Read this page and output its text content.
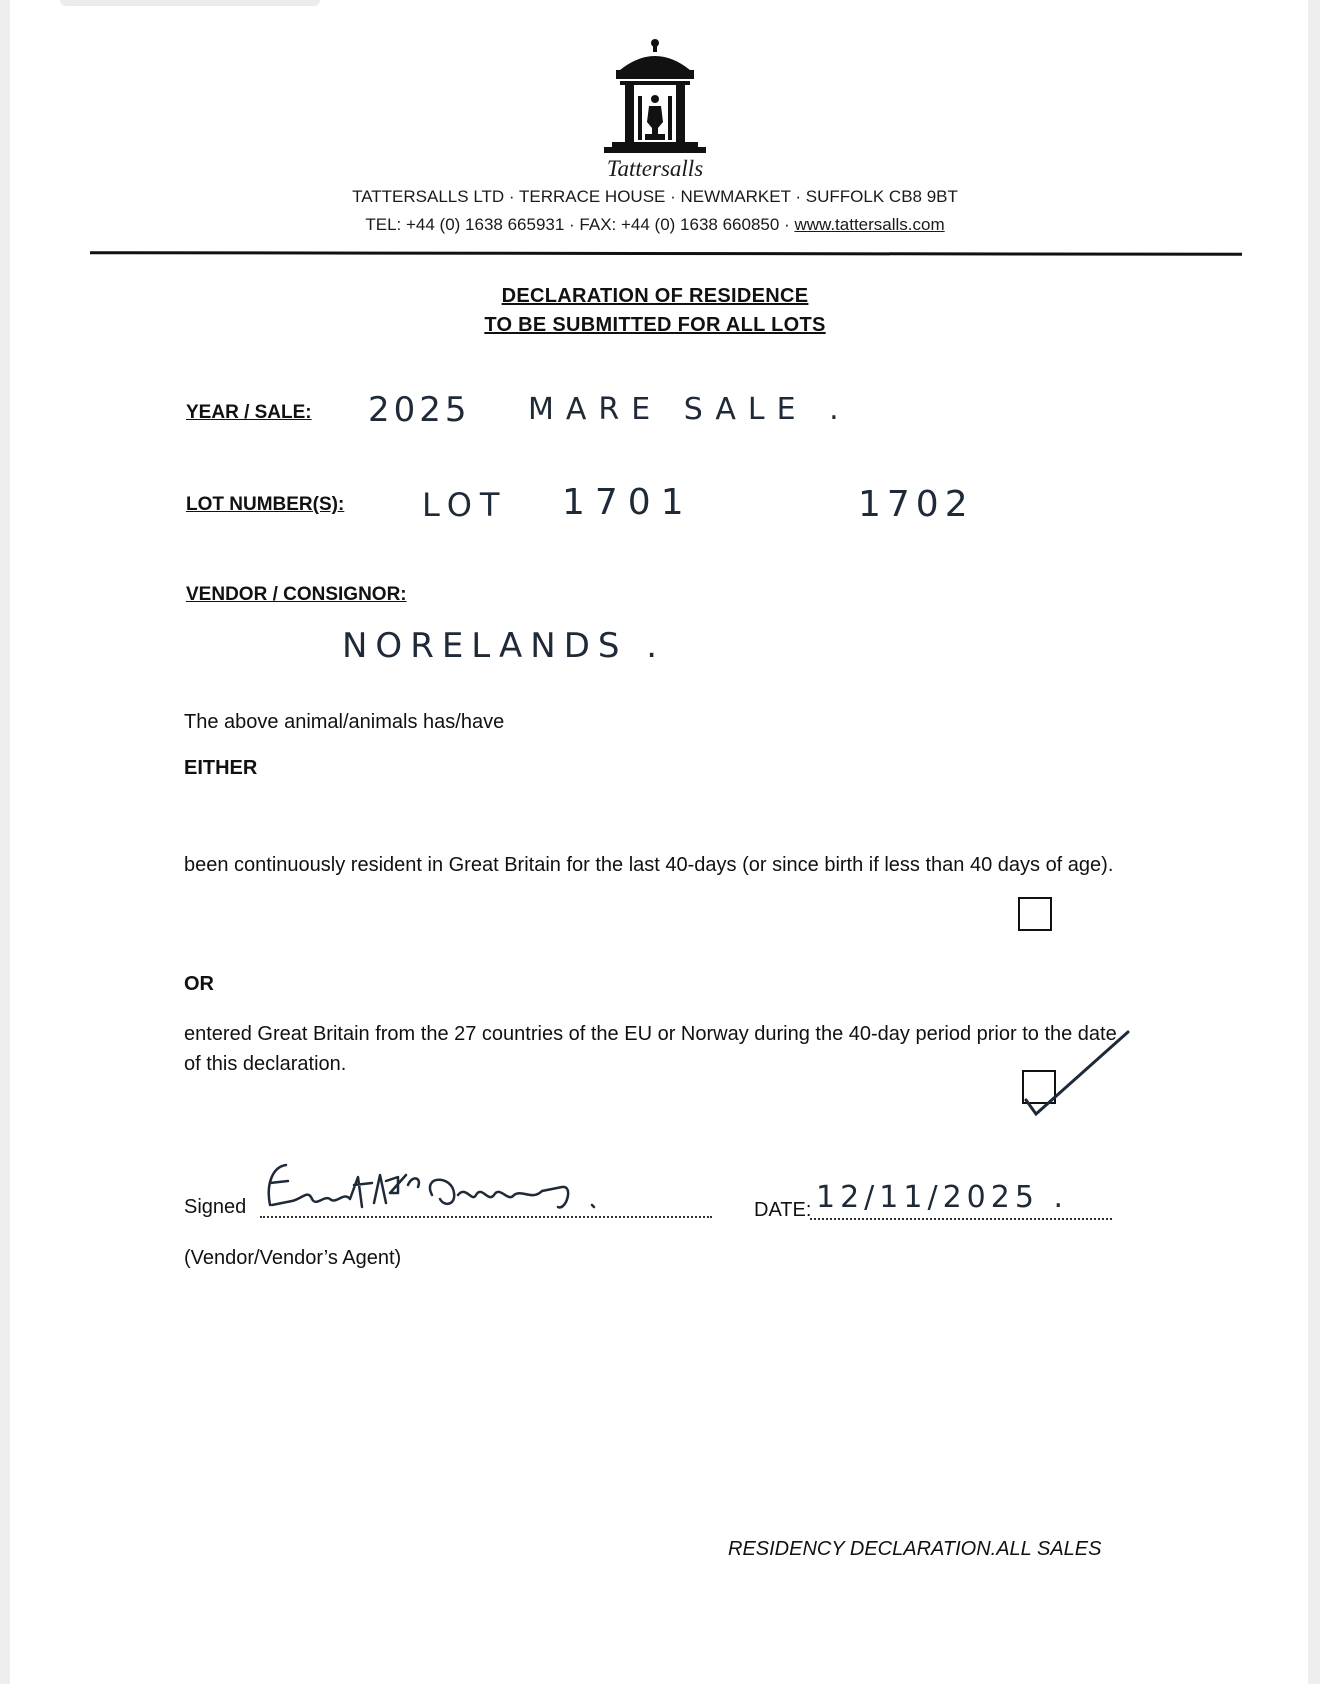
Tattersalls
TATTERSALLS LTD · TERRACE HOUSE · NEWMARKET · SUFFOLK CB8 9BT
TEL: +44 (0) 1638 665931 · FAX: +44 (0) 1638 660850 · www.tattersalls.com
DECLARATION OF RESIDENCE
TO BE SUBMITTED FOR ALL LOTS
YEAR / SALE: 2025 MARE SALE .
LOT NUMBER(S): LOT 1701	1702
VENDOR / CONSIGNOR:
NORELANDS .
The above animal/animals has/have
EITHER
been continuously resident in Great Britain for the last 40-days (or since birth if less than 40 days of age).
OR
entered Great Britain from the 27 countries of the EU or Norway during the 40-day period prior to the date of this declaration.
Signed	DATE: 12/11/2025 .
(Vendor/Vendor’s Agent)
RESIDENCY DECLARATION.ALL SALES
